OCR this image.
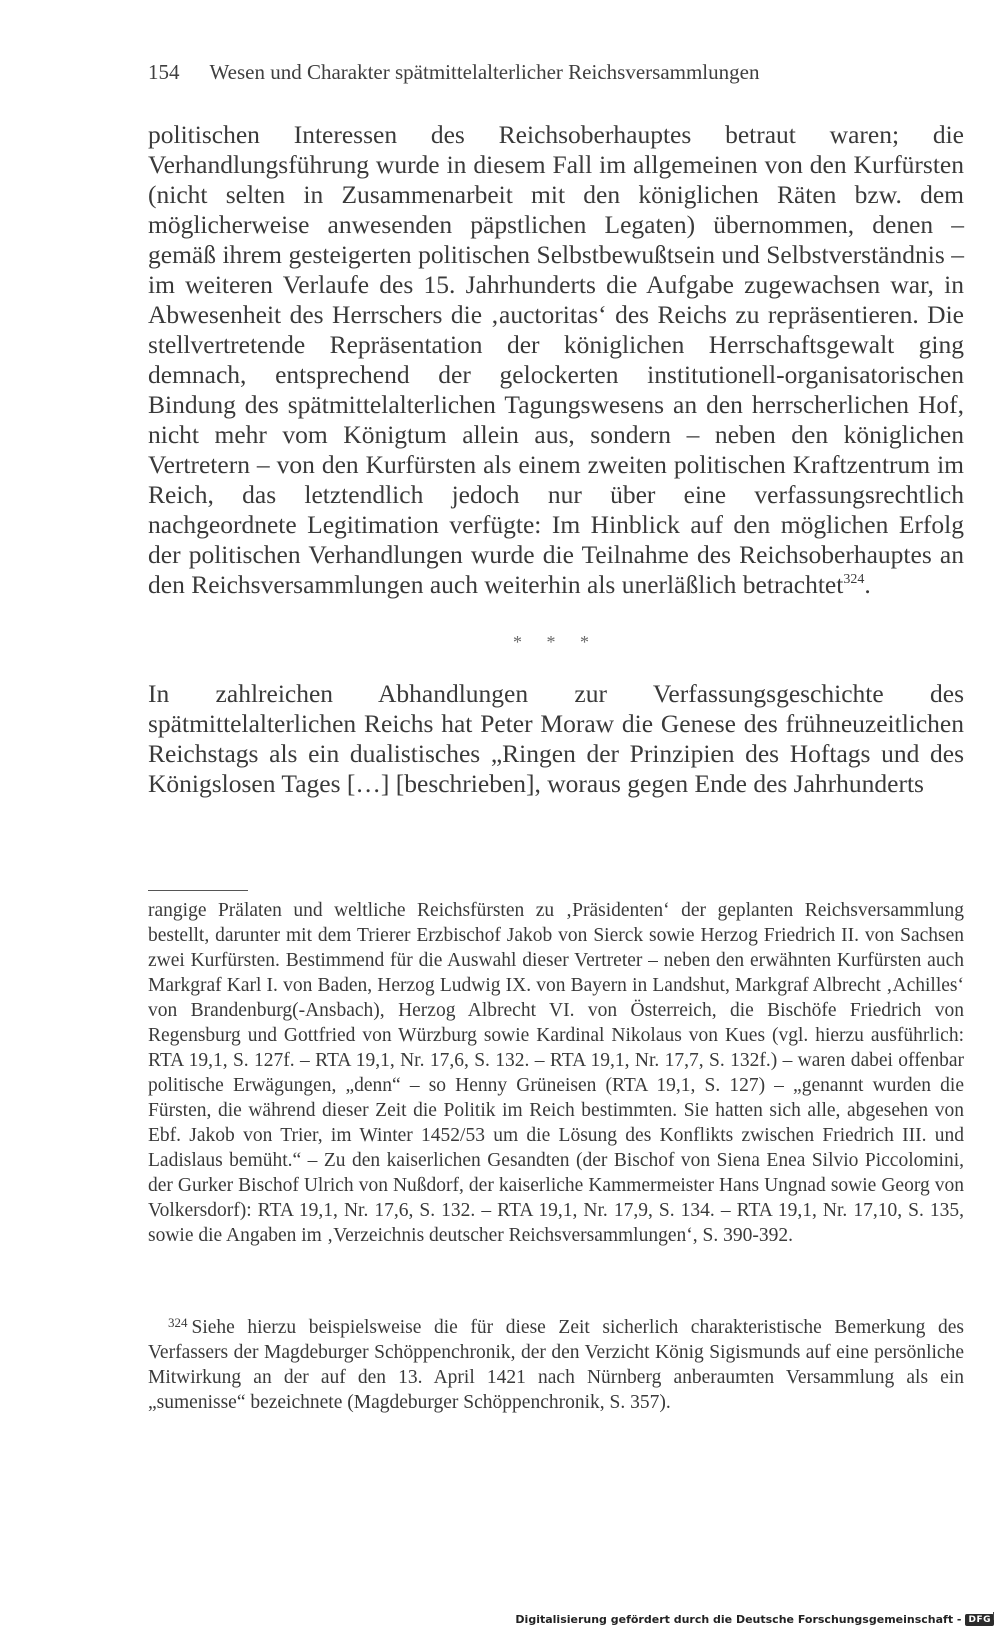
154 Wesen und Charakter spätmittelalterlicher Reichsversammlungen

politischen Interessen des Reichsoberhauptes betraut waren; die Verhandlungsführung wurde in diesem Fall im allgemeinen von den Kurfürsten (nicht selten in Zusammenarbeit mit den königlichen Räten bzw. dem möglicherweise anwesenden päpstlichen Legaten) übernommen, denen – gemäß ihrem gesteigerten politischen Selbstbewußtsein und Selbstverständnis – im weiteren Verlaufe des 15. Jahrhunderts die Aufgabe zugewachsen war, in Abwesenheit des Herrschers die ‚auctoritas‘ des Reichs zu repräsentieren. Die stellvertretende Repräsentation der königlichen Herrschaftsgewalt ging demnach, entsprechend der gelockerten institutionell-organisatorischen Bindung des spätmittelalterlichen Tagungswesens an den herrscherlichen Hof, nicht mehr vom Königtum allein aus, sondern – neben den königlichen Vertretern – von den Kurfürsten als einem zweiten politischen Kraftzentrum im Reich, das letztendlich jedoch nur über eine verfassungsrechtlich nachgeordnete Legitimation verfügte: Im Hinblick auf den möglichen Erfolg der politischen Verhandlungen wurde die Teilnahme des Reichsoberhauptes an den Reichsversammlungen auch weiterhin als unerläßlich betrachtet$^{324}$.

* * *

In zahlreichen Abhandlungen zur Verfassungsgeschichte des spätmittelalterlichen Reichs hat Peter Moraw die Genese des frühneuzeitlichen Reichstags als ein dualistisches „Ringen der Prinzipien des Hoftags und des Königslosen Tages […] [beschrieben], woraus gegen Ende des Jahrhunderts

rangige Prälaten und weltliche Reichsfürsten zu ‚Präsidenten‘ der geplanten Reichsversammlung bestellt, darunter mit dem Trierer Erzbischof Jakob von Sierck sowie Herzog Friedrich II. von Sachsen zwei Kurfürsten. Bestimmend für die Auswahl dieser Vertreter – neben den erwähnten Kurfürsten auch Markgraf Karl I. von Baden, Herzog Ludwig IX. von Bayern in Landshut, Markgraf Albrecht ‚Achilles‘ von Brandenburg(-Ansbach), Herzog Albrecht VI. von Österreich, die Bischöfe Friedrich von Regensburg und Gottfried von Würzburg sowie Kardinal Nikolaus von Kues (vgl. hierzu ausführlich: RTA 19,1, S. 127f. – RTA 19,1, Nr. 17,6, S. 132. – RTA 19,1, Nr. 17,7, S. 132f.) – waren dabei offenbar politische Erwägungen, „denn“ – so Henny Grüneisen (RTA 19,1, S. 127) – „genannt wurden die Fürsten, die während dieser Zeit die Politik im Reich bestimmten. Sie hatten sich alle, abgesehen von Ebf. Jakob von Trier, im Winter 1452/53 um die Lösung des Konflikts zwischen Friedrich III. und Ladislaus bemüht.“ – Zu den kaiserlichen Gesandten (der Bischof von Siena Enea Silvio Piccolomini, der Gurker Bischof Ulrich von Nußdorf, der kaiserliche Kammermeister Hans Ungnad sowie Georg von Volkersdorf): RTA 19,1, Nr. 17,6, S. 132. – RTA 19,1, Nr. 17,9, S. 134. – RTA 19,1, Nr. 17,10, S. 135, sowie die Angaben im ‚Verzeichnis deutscher Reichsversammlungen‘, S. 390-392.

$^{324}$ Siehe hierzu beispielsweise die für diese Zeit sicherlich charakteristische Bemerkung des Verfassers der Magdeburger Schöppenchronik, der den Verzicht König Sigismunds auf eine persönliche Mitwirkung an der auf den 13. April 1421 nach Nürnberg anberaumten Versammlung als ein „sumenisse“ bezeichnete (Magdeburger Schöppenchronik, S. 357).

Digitalisierung gefördert durch die Deutsche Forschungsgemeinschaft - DFG
